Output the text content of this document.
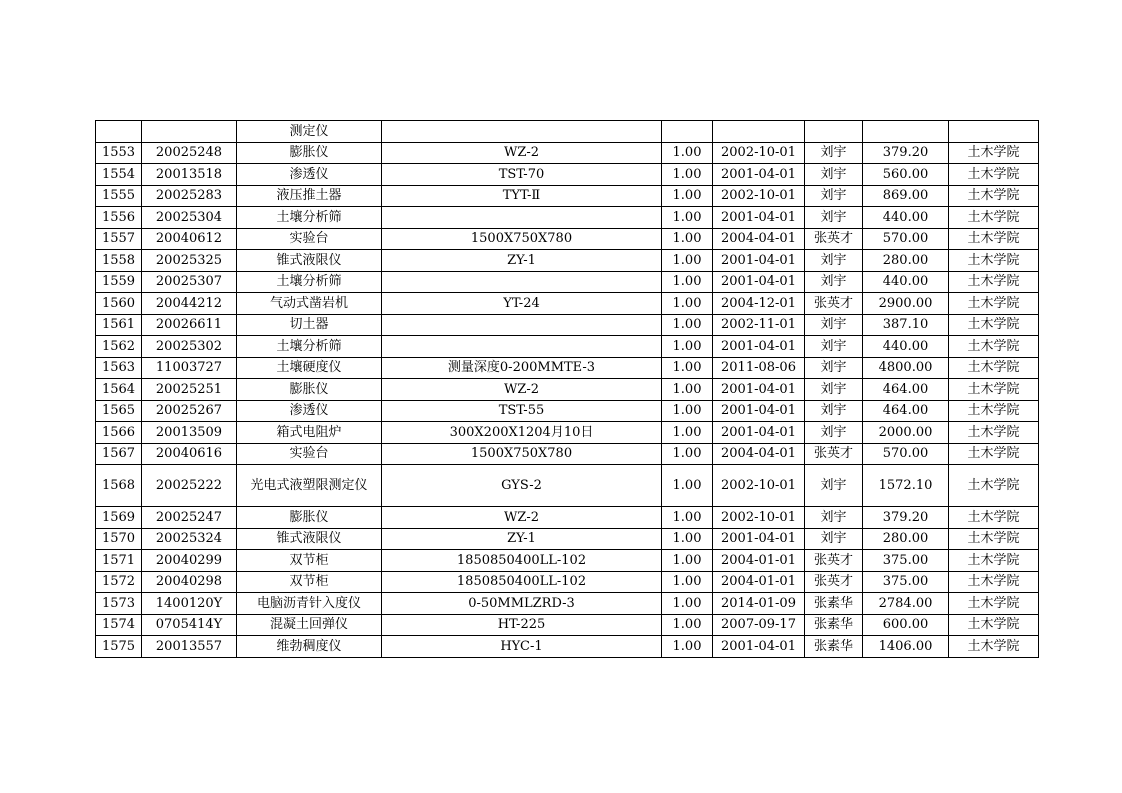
		测定仪						
1553	20025248	膨胀仪	WZ-2	1.00	2002-10-01	刘宇	379.20	土木学院
1554	20013518	渗透仪	TST-70	1.00	2001-04-01	刘宇	560.00	土木学院
1555	20025283	液压推土器	TYT-Ⅱ	1.00	2002-10-01	刘宇	869.00	土木学院
1556	20025304	土壤分析筛		1.00	2001-04-01	刘宇	440.00	土木学院
1557	20040612	实验台	1500X750X780	1.00	2004-04-01	张英才	570.00	土木学院
1558	20025325	锥式液限仪	ZY-1	1.00	2001-04-01	刘宇	280.00	土木学院
1559	20025307	土壤分析筛		1.00	2001-04-01	刘宇	440.00	土木学院
1560	20044212	气动式凿岩机	YT-24	1.00	2004-12-01	张英才	2900.00	土木学院
1561	20026611	切土器		1.00	2002-11-01	刘宇	387.10	土木学院
1562	20025302	土壤分析筛		1.00	2001-04-01	刘宇	440.00	土木学院
1563	11003727	土壤硬度仪	测量深度0-200MMTE-3	1.00	2011-08-06	刘宇	4800.00	土木学院
1564	20025251	膨胀仪	WZ-2	1.00	2001-04-01	刘宇	464.00	土木学院
1565	20025267	渗透仪	TST-55	1.00	2001-04-01	刘宇	464.00	土木学院
1566	20013509	箱式电阻炉	300X200X1204月10日	1.00	2001-04-01	刘宇	2000.00	土木学院
1567	20040616	实验台	1500X750X780	1.00	2004-04-01	张英才	570.00	土木学院
1568	20025222	光电式液塑限测定仪	GYS-2	1.00	2002-10-01	刘宇	1572.10	土木学院
1569	20025247	膨胀仪	WZ-2	1.00	2002-10-01	刘宇	379.20	土木学院
1570	20025324	锥式液限仪	ZY-1	1.00	2001-04-01	刘宇	280.00	土木学院
1571	20040299	双节柜	1850850400LL-102	1.00	2004-01-01	张英才	375.00	土木学院
1572	20040298	双节柜	1850850400LL-102	1.00	2004-01-01	张英才	375.00	土木学院
1573	1400120Y	电脑沥青针入度仪	0-50MMLZRD-3	1.00	2014-01-09	张素华	2784.00	土木学院
1574	0705414Y	混凝土回弹仪	HT-225	1.00	2007-09-17	张素华	600.00	土木学院
1575	20013557	维勃稠度仪	HYC-1	1.00	2001-04-01	张素华	1406.00	土木学院
